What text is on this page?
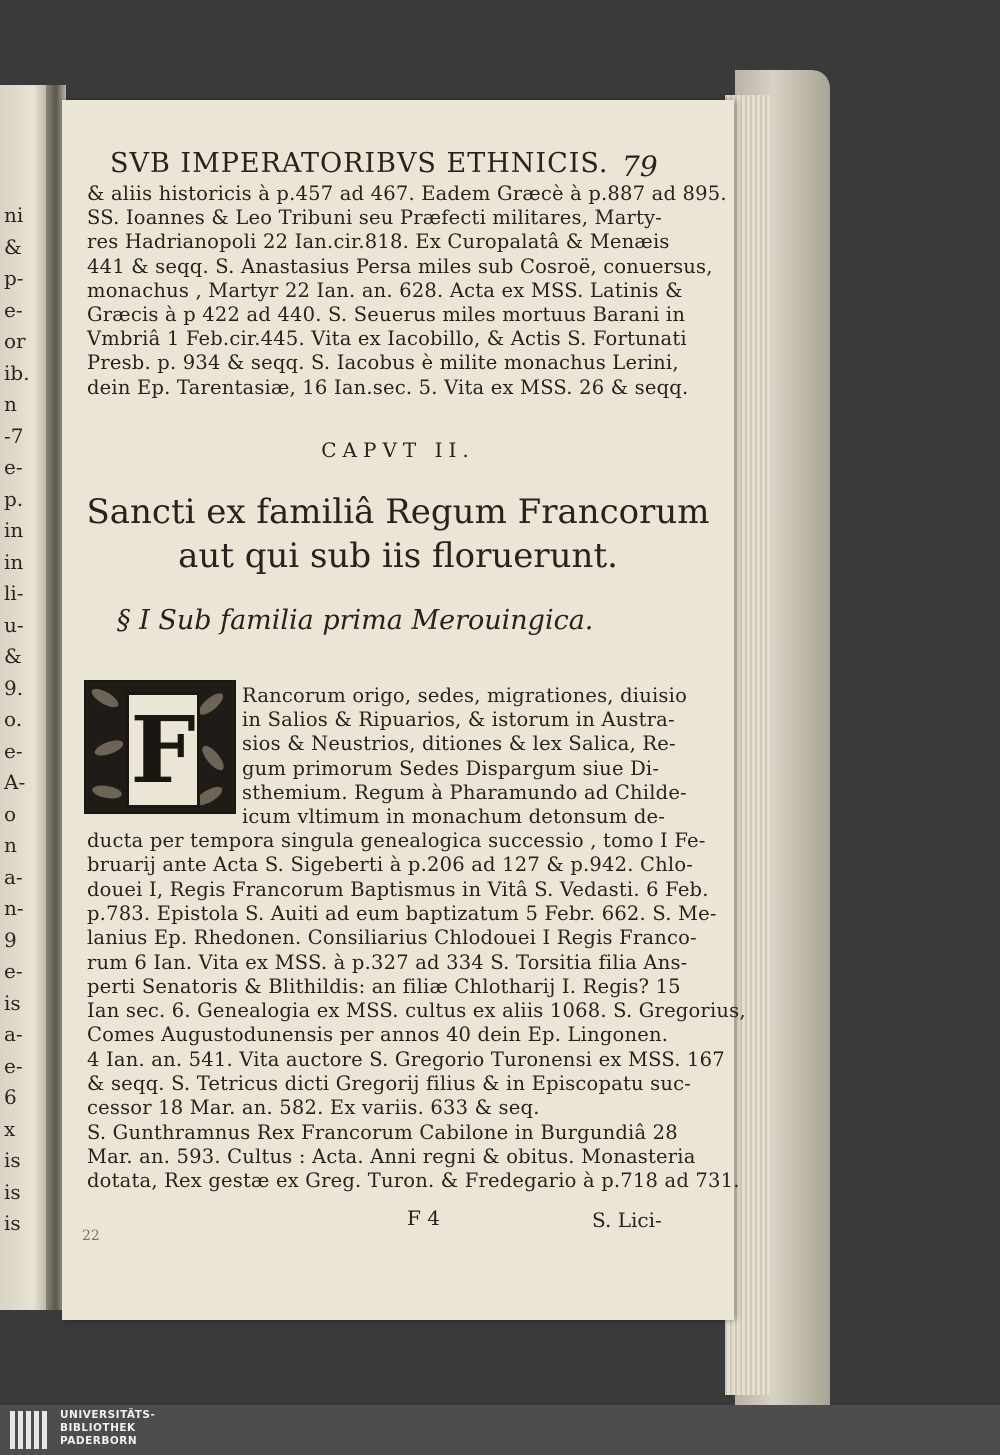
ni
&
p-
e-
or
ib.
n
-7
e-
p.
in
in
li-
u-
&
9.
o.
e-
A-
o
n
a-
n-
9
e-
is
a-
e-
6
x
is
is
is
SVB IMPERATORIBVS ETHNICIS. 79
& aliis historicis à p.457 ad 467. Eadem Græcè à p.887 ad 895.
SS. Ioannes & Leo Tribuni seu Præfecti militares, Marty-
res Hadrianopoli 22 Ian.cir.818. Ex Curopalatâ & Menæis
441 & seqq. S. Anastasius Persa miles sub Cosroë, conuersus,
monachus , Martyr 22 Ian. an. 628. Acta ex MSS. Latinis &
Græcis à p 422 ad 440. S. Seuerus miles mortuus Barani in
Vmbriâ 1 Feb.cir.445. Vita ex Iacobillo, & Actis S. Fortunati
Presb. p. 934 & seqq. S. Iacobus è milite monachus Lerini,
dein Ep. Tarentasiæ, 16 Ian.sec. 5. Vita ex MSS. 26 & seqq.
CAPVT II.
Sancti ex familiâ Regum Francorum
aut qui sub iis floruerunt.
§ I Sub familia prima Merouingica.
F
Rancorum origo, sedes, migrationes, diuisio
in Salios & Ripuarios, & istorum in Austra-
sios & Neustrios, ditiones & lex Salica, Re-
gum primorum Sedes Dispargum siue Di-
sthemium. Regum à Pharamundo ad Childe-
icum vltimum in monachum detonsum de-
ducta per tempora singula genealogica successio , tomo I Fe-
bruarij ante Acta S. Sigeberti à p.206 ad 127 & p.942. Chlo-
douei I, Regis Francorum Baptismus in Vitâ S. Vedasti. 6 Feb.
p.783. Epistola S. Auiti ad eum baptizatum 5 Febr. 662. S. Me-
lanius Ep. Rhedonen. Consiliarius Chlodouei I Regis Franco-
rum 6 Ian. Vita ex MSS. à p.327 ad 334 S. Torsitia filia Ans-
perti Senatoris & Blithildis: an filiæ Chlotharij I. Regis? 15
Ian sec. 6. Genealogia ex MSS. cultus ex aliis 1068. S. Gregorius,
Comes Augustodunensis per annos 40 dein Ep. Lingonen.
4 Ian. an. 541. Vita auctore S. Gregorio Turonensi ex MSS. 167
& seqq. S. Tetricus dicti Gregorij filius & in Episcopatu suc-
cessor 18 Mar. an. 582. Ex variis. 633 & seq.
S. Gunthramnus Rex Francorum Cabilone in Burgundiâ 28
Mar. an. 593. Cultus : Acta. Anni regni & obitus. Monasteria
dotata, Rex gestæ ex Greg. Turon. & Fredegario à p.718 ad 731.
22
F 4	S. Lici-
UNIVERSITÄTS-
BIBLIOTHEK
PADERBORN
